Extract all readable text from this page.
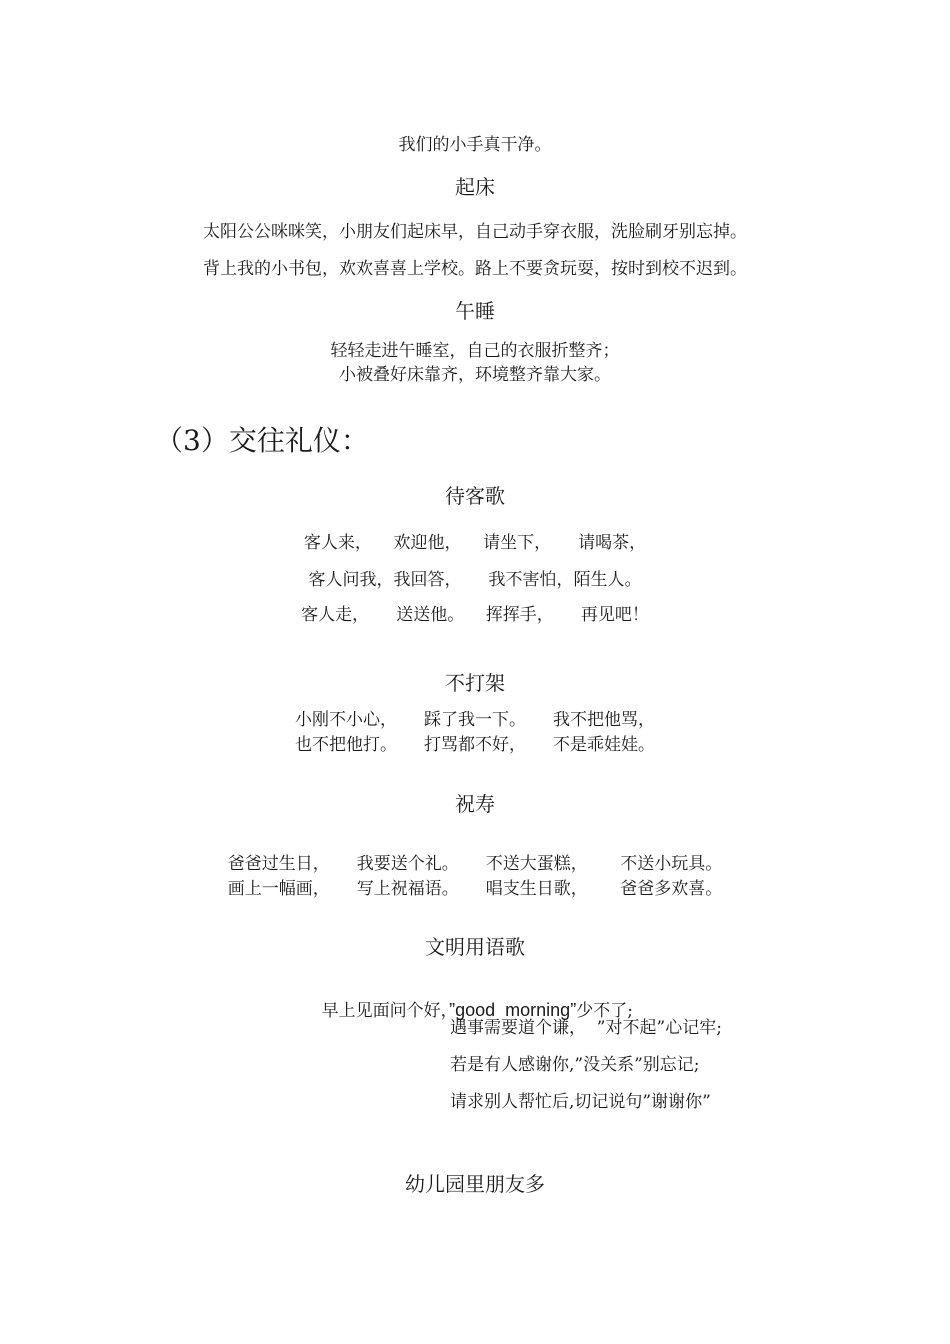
我们的小手真干净。
起床
太阳公公咪咪笑，小朋友们起床早，自己动手穿衣服，洗脸刷牙别忘掉。
背上我的小书包，欢欢喜喜上学校。路上不要贪玩耍，按时到校不迟到。
午睡
轻轻走进午睡室，自己的衣服折整齐；
小被叠好床靠齐，环境整齐靠大家。
（3）交往礼仪：
待客歌
客人来，    欢迎他，    请坐下，     请喝茶，
客人问我，我回答，     我不害怕，陌生人。
客人走，     送送他。    挥挥手，     再见吧！
不打架
小刚不小心，     踩了我一下。     我不把他骂，
也不把他打。     打骂都不好，     不是乖娃娃。
祝寿
爸爸过生日，     我要送个礼。     不送大蛋糕，      不送小玩具。
画上一幅画，     写上祝福语。     唱支生日歌，      爸爸多欢喜。
文明用语歌

早上见面问个好，”good  morning”少不了;

遇事需要道个谦，  ”对不起”心记牢;
若是有人感谢你,”没关系”别忘记;
请求别人帮忙后,切记说句”谢谢你”
幼儿园里朋友多
